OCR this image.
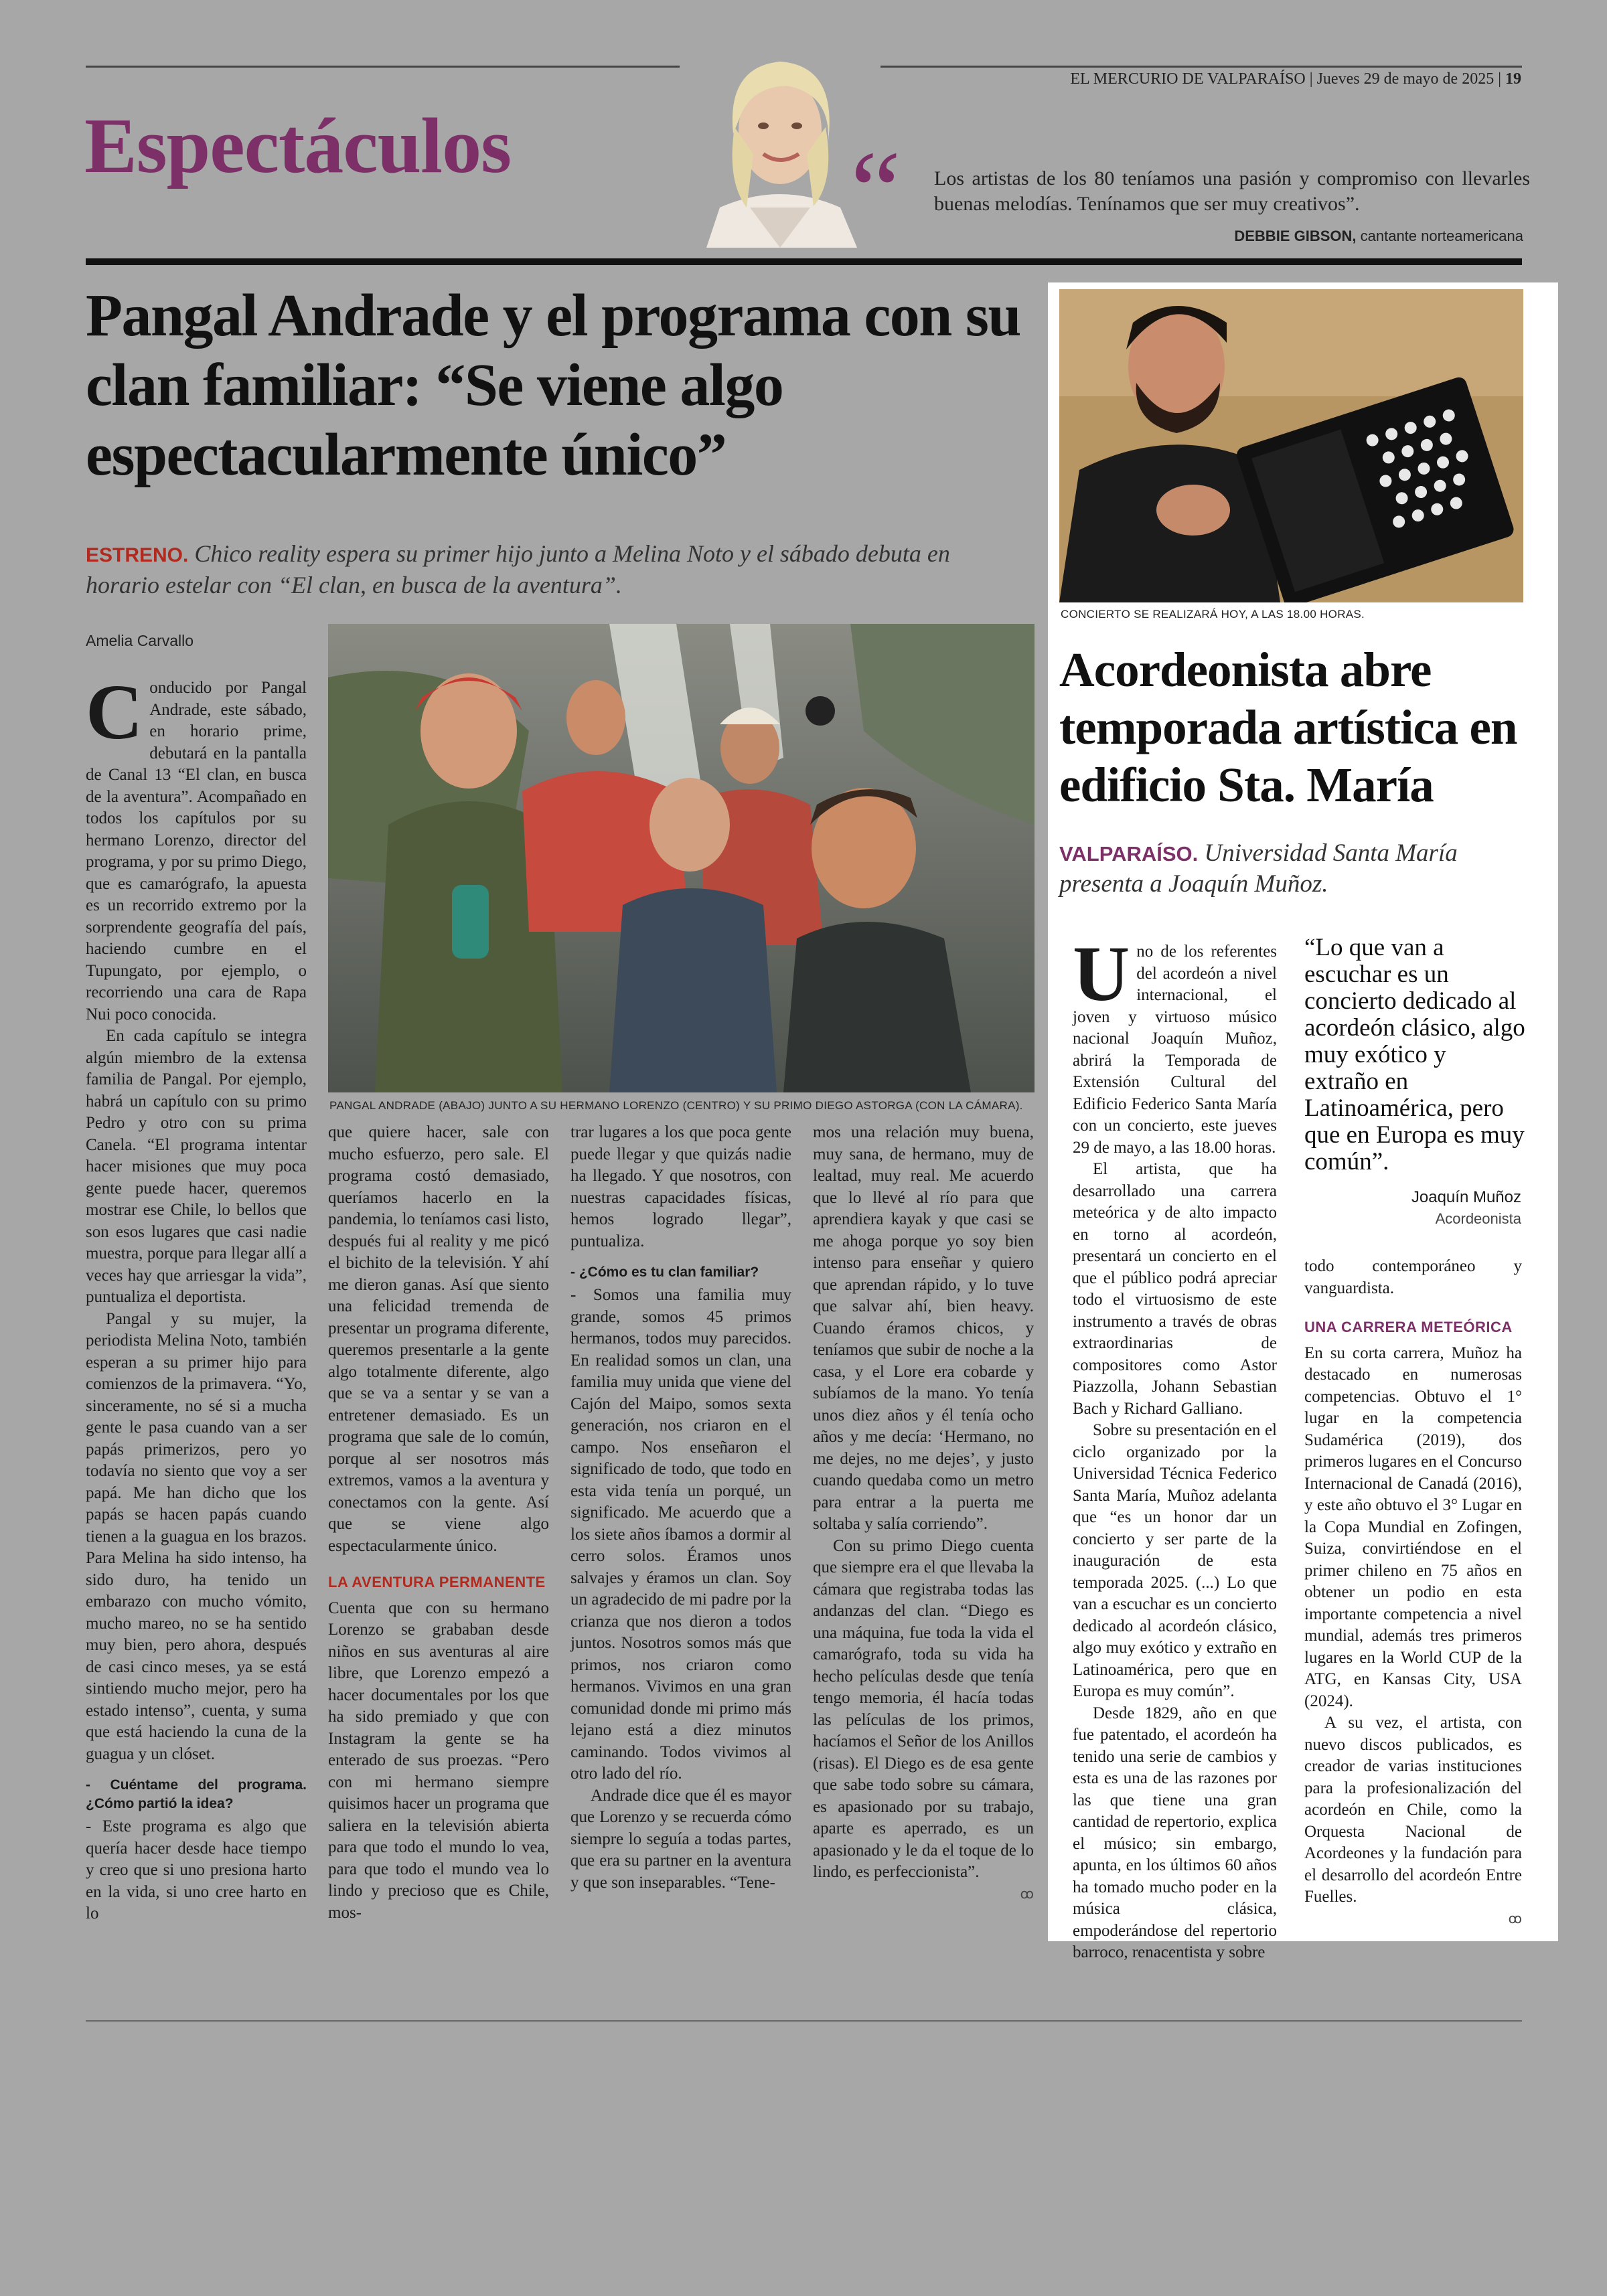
EL MERCURIO DE VALPARAÍSO | Jueves 29 de mayo de 2025 | 19
Espectáculos	“ Los artistas de los 80 teníamos una pasión y compromiso con llevarles buenas melodías. Tenínamos que ser muy creativos”.
DEBBIE GIBSON, cantante norteamericana
Pangal Andrade y el programa con su clan familiar: “Se viene algo espectacularmente único”
ESTRENO. Chico reality espera su primer hijo junto a Melina Noto y el sábado debuta en horario estelar con “El clan, en busca de la aventura”.
Amelia Carvallo
PANGAL ANDRADE (ABAJO) JUNTO A SU HERMANO LORENZO (CENTRO) Y SU PRIMO DIEGO ASTORGA (CON LA CÁMARA).

Conducido por Pangal Andrade, este sábado, en horario prime, debutará en la pantalla de Canal 13 “El clan, en busca de la aventura”. Acompañado en todos los capítulos por su hermano Lorenzo, director del programa, y por su primo Diego, que es camarógrafo, la apuesta es un recorrido extremo por la sorprendente geografía del país, haciendo cumbre en el Tupungato, por ejemplo, o recorriendo una cara de Rapa Nui poco conocida.

En cada capítulo se integra algún miembro de la extensa familia de Pangal. Por ejemplo, habrá un capítulo con su primo Pedro y otro con su prima Canela. “El programa intentar hacer misiones que muy poca gente puede hacer, queremos mostrar ese Chile, lo bellos que son esos lugares que casi nadie muestra, porque para llegar allí a veces hay que arriesgar la vida”, puntualiza el deportista.

Pangal y su mujer, la periodista Melina Noto, también esperan a su primer hijo para comienzos de la primavera. “Yo, sinceramente, no sé si a mucha gente le pasa cuando van a ser papás primerizos, pero yo todavía no siento que voy a ser papá. Me han dicho que los papás se hacen papás cuando tienen a la guagua en los brazos. Para Melina ha sido intenso, ha sido duro, ha tenido un embarazo con mucho vómito, mucho mareo, no se ha sentido muy bien, pero ahora, después de casi cinco meses, ya se está sintiendo mucho mejor, pero ha estado intenso”, cuenta, y suma que está haciendo la cuna de la guagua y un clóset.

- Cuéntame del programa. ¿Cómo partió la idea?

- Este programa es algo que quería hacer desde hace tiempo y creo que si uno presiona harto en la vida, si uno cree harto en lo

que quiere hacer, sale con mucho esfuerzo, pero sale. El programa costó demasiado, queríamos hacerlo en la pandemia, lo teníamos casi listo, después fui al reality y me picó el bichito de la televisión. Y ahí me dieron ganas. Así que siento una felicidad tremenda de presentar un programa diferente, queremos presentarle a la gente algo totalmente diferente, algo que se va a sentar y se van a entretener demasiado. Es un programa que sale de lo común, porque al ser nosotros más extremos, vamos a la aventura y conectamos con la gente. Así que se viene algo espectacularmente único.

LA AVENTURA PERMANENTE

Cuenta que con su hermano Lorenzo se grababan desde niños en sus aventuras al aire libre, que Lorenzo empezó a hacer documentales por los que ha sido premiado y que con Instagram la gente se ha enterado de sus proezas. “Pero con mi hermano siempre quisimos hacer un programa que saliera en la televisión abierta para que todo el mundo lo vea, para que todo el mundo vea lo lindo y precioso que es Chile, mos-

trar lugares a los que poca gente puede llegar y que quizás nadie ha llegado. Y que nosotros, con nuestras capacidades físicas, hemos logrado llegar”, puntualiza.

- ¿Cómo es tu clan familiar?

- Somos una familia muy grande, somos 45 primos hermanos, todos muy parecidos. En realidad somos un clan, una familia muy unida que viene del Cajón del Maipo, somos sexta generación, nos criaron en el campo. Nos enseñaron el significado de todo, que todo en esta vida tenía un porqué, un significado. Me acuerdo que a los siete años íbamos a dormir al cerro solos. Éramos unos salvajes y éramos un clan. Soy un agradecido de mi padre por la crianza que nos dieron a todos juntos. Nosotros somos más que primos, nos criaron como hermanos. Vivimos en una gran comunidad donde mi primo más lejano está a diez minutos caminando. Todos vivimos al otro lado del río.

Andrade dice que él es mayor que Lorenzo y se recuerda cómo siempre lo seguía a todas partes, que era su partner en la aventura y que son inseparables. “Tene-

mos una relación muy buena, muy sana, de hermano, muy de lealtad, muy real. Me acuerdo que lo llevé al río para que aprendiera kayak y que casi se me ahoga porque yo soy bien intenso para enseñar y quiero que aprendan rápido, y lo tuve que salvar ahí, bien heavy. Cuando éramos chicos, y teníamos que subir de noche a la casa, y el Lore era cobarde y subíamos de la mano. Yo tenía unos diez años y él tenía ocho años y me decía: ‘Hermano, no me dejes, no me dejes’, y justo cuando quedaba como un metro para entrar a la puerta me soltaba y salía corriendo”.

Con su primo Diego cuenta que siempre era el que llevaba la cámara que registraba todas las andanzas del clan. “Diego es una máquina, fue toda la vida el camarógrafo, toda su vida ha hecho películas desde que tenía tengo memoria, él hacía todas las películas de los primos, hacíamos el Señor de los Anillos (risas). El Diego es de esa gente que sabe todo sobre su cámara, es apasionado por su trabajo, aparte es aperrado, es un apasionado y le da el toque de lo lindo, es perfeccionista”.

ꝏ
CONCIERTO SE REALIZARÁ HOY, A LAS 18.00 HORAS.
Acordeonista abre temporada artística en edificio Sta. María
VALPARAÍSO. Universidad Santa María presenta a Joaquín Muñoz.

Uno de los referentes del acordeón a nivel internacional, el joven y virtuoso músico nacional Joaquín Muñoz, abrirá la Temporada de Extensión Cultural del Edificio Federico Santa María con un concierto, este jueves 29 de mayo, a las 18.00 horas.

El artista, que ha desarrollado una carrera meteórica y de alto impacto en torno al acordeón, presentará un concierto en el que el público podrá apreciar todo el virtuosismo de este instrumento a través de obras extraordinarias de compositores como Astor Piazzolla, Johann Sebastian Bach y Richard Galliano.

Sobre su presentación en el ciclo organizado por la Universidad Técnica Federico Santa María, Muñoz adelanta que “es un honor dar un concierto y ser parte de la inauguración de esta temporada 2025. (...) Lo que van a escuchar es un concierto dedicado al acordeón clásico, algo muy exótico y extraño en Latinoamérica, pero que en Europa es muy común”.

Desde 1829, año en que fue patentado, el acordeón ha tenido una serie de cambios y esta es una de las razones por las que tiene una gran cantidad de repertorio, explica el músico; sin embargo, apunta, en los últimos 60 años ha tomado mucho poder en la música clásica, empoderándose del repertorio barroco, renacentista y sobre

“Lo que van a escuchar es un concierto dedicado al acordeón clásico, algo muy exótico y extraño en Latinoamérica, pero que en Europa es muy común”.
Joaquín Muñoz
Acordeonista

todo contemporáneo y vanguardista.

UNA CARRERA METEÓRICA

En su corta carrera, Muñoz ha destacado en numerosas competencias. Obtuvo el 1° lugar en la competencia Sudamérica (2019), dos primeros lugares en el Concurso Internacional de Canadá (2016), y este año obtuvo el 3° Lugar en la Copa Mundial en Zofingen, Suiza, convirtiéndose en el primer chileno en 75 años en obtener un podio en esta importante competencia a nivel mundial, además tres primeros lugares en la World CUP de la ATG, en Kansas City, USA (2024).

A su vez, el artista, con nuevo discos publicados, es creador de varias instituciones para la profesionalización del acordeón en Chile, como la Orquesta Nacional de Acordeones y la fundación para el desarrollo del acordeón Entre Fuelles.

ꝏ
